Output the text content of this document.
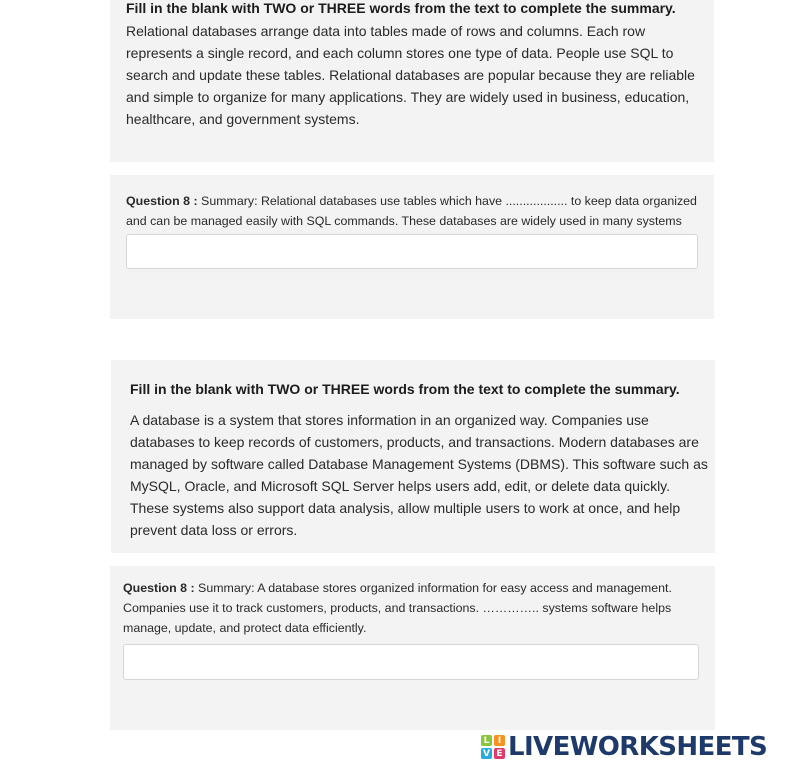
Fill in the blank with TWO or THREE words from the text to complete the summary.
Relational databases arrange data into tables made of rows and columns. Each row represents a single record, and each column stores one type of data. People use SQL to search and update these tables. Relational databases are popular because they are reliable and simple to organize for many applications. They are widely used in business, education, healthcare, and government systems.
Question 8 : Summary: Relational databases use tables which have .................. to keep data organized and can be managed easily with SQL commands. These databases are widely used in many systems
Fill in the blank with TWO or THREE words from the text to complete the summary.
A database is a system that stores information in an organized way. Companies use databases to keep records of customers, products, and transactions. Modern databases are managed by software called Database Management Systems (DBMS). This software such as MySQL, Oracle, and Microsoft SQL Server helps users add, edit, or delete data quickly. These systems also support data analysis, allow multiple users to work at once, and help prevent data loss or errors.
Question 8 : Summary: A database stores organized information for easy access and management. Companies use it to track customers, products, and transactions. ………….. systems software helps manage, update, and protect data efficiently.
L I
V E LIVEWORKSHEETS
